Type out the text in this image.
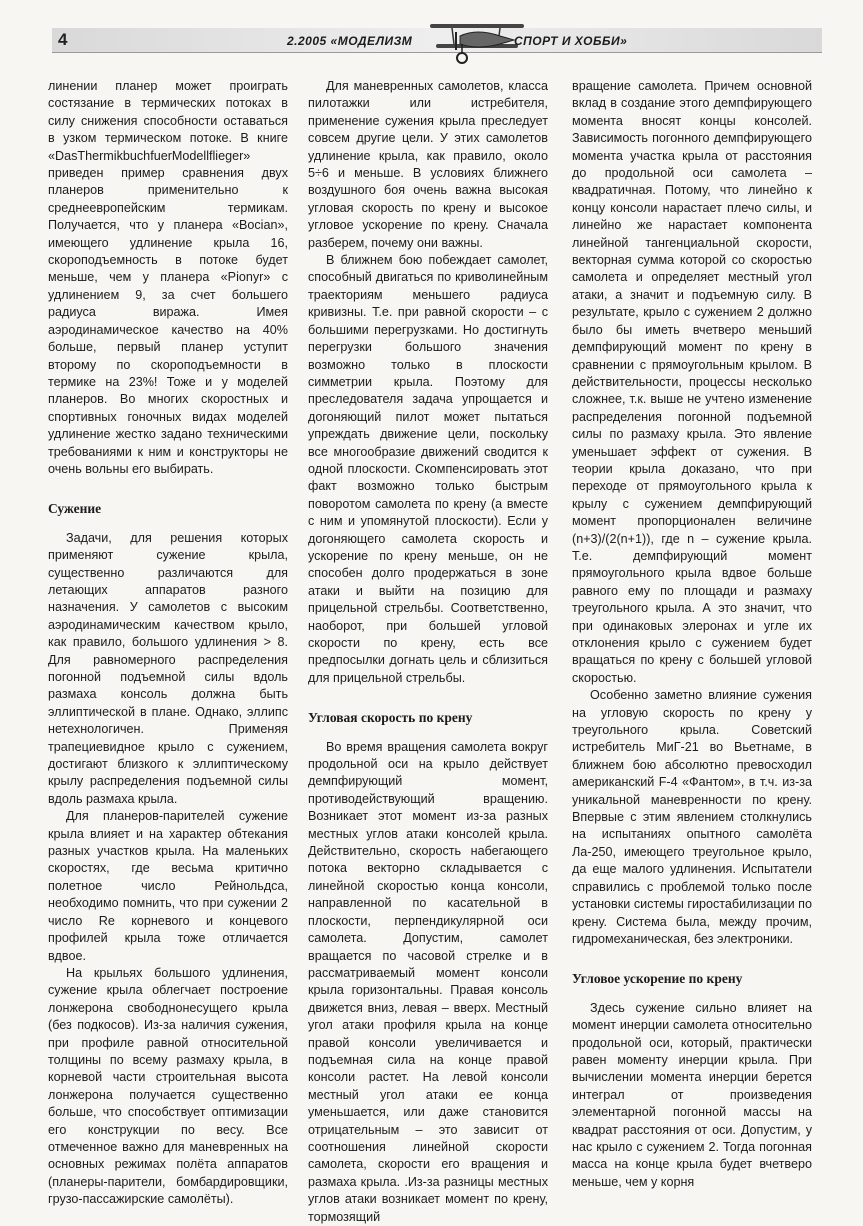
4	2.2005 «МОДЕЛИЗМ	СПОРТ И ХОББИ»

линении планер может проиграть состязание в термических потоках в силу снижения способности оставаться в узком термическом потоке. В книге «DasThermikbuchfuerModellflieger» приведен пример сравнения двух планеров применительно к среднеевропейским термикам. Получается, что у планера «Bocian», имеющего удлинение крыла 16, скороподъемность в потоке будет меньше, чем у планера «Pionyr» с удлинением 9, за счет большего радиуса виража. Имея аэродинамическое качество на 40% больше, первый планер уступит второму по скороподъемности в термике на 23%! Тоже и у моделей планеров. Во многих скоростных и спортивных гоночных видах моделей удлинение жестко задано техническими требованиями к ним и конструкторы не очень вольны его выбирать.

Сужение

Задачи, для решения которых применяют сужение крыла, существенно различаются для летающих аппаратов разного назначения. У самолетов с высоким аэродинамическим качеством крыло, как правило, большого удлинения > 8. Для равномерного распределения погонной подъемной силы вдоль размаха консоль должна быть эллиптической в плане. Однако, эллипс нетехнологичен. Применяя трапециевидное крыло с сужением, достигают близкого к эллиптическому крылу распределения подъемной силы вдоль размаха крыла.

Для планеров-парителей сужение крыла влияет и на характер обтекания разных участков крыла. На маленьких скоростях, где весьма критично полетное число Рейнольдса, необходимо помнить, что при сужении 2 число Re корневого и концевого профилей крыла тоже отличается вдвое.

На крыльях большого удлинения, сужение крыла облегчает построение лонжерона свободнонесущего крыла (без подкосов). Из-за наличия сужения, при профиле равной относительной толщины по всему размаху крыла, в корневой части строительная высота лонжерона получается существенно больше, что способствует оптимизации его конструкции по весу. Все отмеченное важно для маневренных на основных режимах полёта аппаратов (планеры-парители, бомбардировщики, грузо-пассажирские самолёты).

Для маневренных самолетов, класса пилотажки или истребителя, применение сужения крыла преследует совсем другие цели. У этих самолетов удлинение крыла, как правило, около 5÷6 и меньше. В условиях ближнего воздушного боя очень важна высокая угловая скорость по крену и высокое угловое ускорение по крену. Сначала разберем, почему они важны.

В ближнем бою побеждает самолет, способный двигаться по криволинейным траекториям меньшего радиуса кривизны. Т.е. при равной скорости – с большими перегрузками. Но достигнуть перегрузки большого значения возможно только в плоскости симметрии крыла. Поэтому для преследователя задача упрощается и догоняющий пилот может пытаться упреждать движение цели, поскольку все многообразие движений сводится к одной плоскости. Скомпенсировать этот факт возможно только быстрым поворотом самолета по крену (а вместе с ним и упомянутой плоскости). Если у догоняющего самолета скорость и ускорение по крену меньше, он не способен долго продержаться в зоне атаки и выйти на позицию для прицельной стрельбы. Соответственно, наоборот, при большей угловой скорости по крену, есть все предпосылки догнать цель и сблизиться для прицельной стрельбы.

Угловая скорость по крену

Во время вращения самолета вокруг продольной оси на крыло действует демпфирующий момент, противодействующий вращению. Возникает этот момент из-за разных местных углов атаки консолей крыла. Действительно, скорость набегающего потока векторно складывается с линейной скоростью конца консоли, направленной по касательной в плоскости, перпендикулярной оси самолета. Допустим, самолет вращается по часовой стрелке и в рассматриваемый момент консоли крыла горизонтальны. Правая консоль движется вниз, левая – вверх. Местный угол атаки профиля крыла на конце правой консоли увеличивается и подъемная сила на конце правой консоли растет. На левой консоли местный угол атаки ее конца уменьшается, или даже становится отрицательным – это зависит от соотношения линейной скорости самолета, скорости его вращения и размаха крыла. .Из-за разницы местных углов атаки возникает момент по крену, тормозящий

вращение самолета. Причем основной вклад в создание этого демпфирующего момента вносят концы консолей. Зависимость погонного демпфирующего момента участка крыла от расстояния до продольной оси самолета – квадратичная. Потому, что линейно к концу консоли нарастает плечо силы, и линейно же нарастает компонента линейной тангенциальной скорости, векторная сумма которой со скоростью самолета и определяет местный угол атаки, а значит и подъемную силу. В результате, крыло с сужением 2 должно было бы иметь вчетверо меньший демпфирующий момент по крену в сравнении с прямоугольным крылом. В действительности, процессы несколько сложнее, т.к. выше не учтено изменение распределения погонной подъемной силы по размаху крыла. Это явление уменьшает эффект от сужения. В теории крыла доказано, что при переходе от прямоугольного крыла к крылу с сужением демпфирующий момент пропорционален величине (n+3)/(2(n+1)), где n – сужение крыла. Т.е. демпфирующий момент прямоугольного крыла вдвое больше равного ему по площади и размаху треугольного крыла. А это значит, что при одинаковых элеронах и угле их отклонения крыло с сужением будет вращаться по крену с большей угловой скоростью.

Особенно заметно влияние сужения на угловую скорость по крену у треугольного крыла. Советский истребитель МиГ-21 во Вьетнаме, в ближнем бою абсолютно превосходил американский F-4 «Фантом», в т.ч. из-за уникальной маневренности по крену. Впервые с этим явлением столкнулись на испытаниях опытного самолёта Ла-250, имеющего треугольное крыло, да еще малого удлинения. Испытатели справились с проблемой только после установки системы гиростабилизации по крену. Система была, между прочим, гидромеханическая, без электроники.

Угловое ускорение по крену

Здесь сужение сильно влияет на момент инерции самолета относительно продольной оси, который, практически равен моменту инерции крыла. При вычислении момента инерции берется интеграл от произведения элементарной погонной массы на квадрат расстояния от оси. Допустим, у нас крыло с сужением 2. Тогда погонная масса на конце крыла будет вчетверо меньше, чем у корня
